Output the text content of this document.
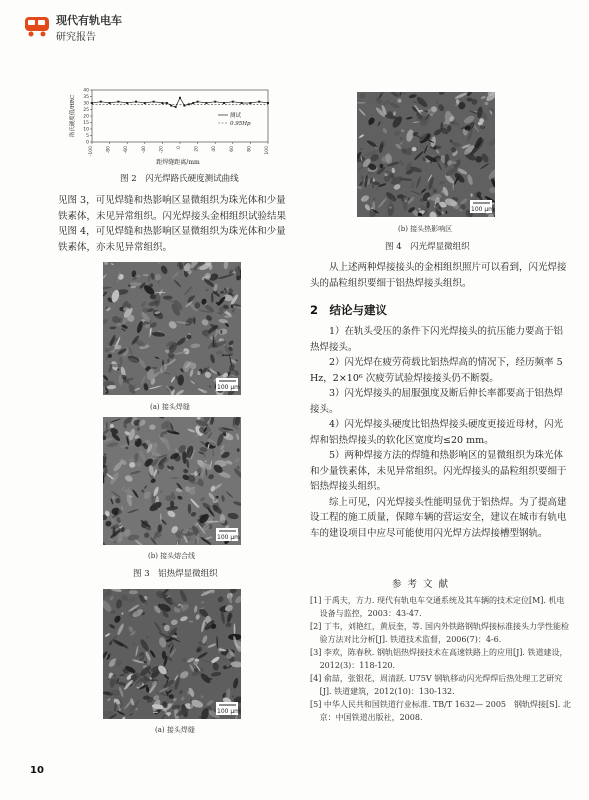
现代有轨电车
研究报告
0
5
10
15
20
25
30
35
40
-100	-80	-60	-40	-20	0	20	40	60	80	100
测试
0.95Hp
洛氏硬度值/HRC
距焊缝距离/mm
图 2　闪光焊路氏硬度测试曲线

见图 3，可见焊缝和热影响区显微组织为珠光体和少量铁素体，未见异常组织。闪光焊接头金相组织试验结果见图 4，可见焊缝和热影响区显微组织为珠光体和少量铁素体，亦未见异常组织。

100 μm
(a) 接头焊缝
100 μm
(b) 接头熔合线
图 3　铝热焊显微组织
100 μm
(a) 接头焊缝
100 μm
(b) 接头热影响区
图 4　闪光焊显微组织

从上述两种焊接接头的金相组织照片可以看到，闪光焊接头的晶粒组织要细于铝热焊接头组织。

2　结论与建议

1）在轨头受压的条件下闪光焊接头的抗压能力要高于铝热焊接头。

2）闪光焊在疲劳荷载比铝热焊高的情况下，经历频率 5 Hz，2×10⁶ 次疲劳试验焊接接头仍不断裂。

3）闪光焊接头的屈服强度及断后伸长率都要高于铝热焊接头。

4）闪光焊接头硬度比铝热焊接头硬度更接近母材，闪光焊和铝热焊接头的软化区宽度均≤20 mm。

5）两种焊接方法的焊缝和热影响区的显微组织为珠光体和少量铁素体，未见异常组织。闪光焊接头的晶粒组织要细于铝热焊接头组织。

综上可见，闪光焊接头性能明显优于铝热焊。为了提高建设工程的施工质量，保障车辆的营运安全，建议在城市有轨电车的建设项目中应尽可能使用闪光焊方法焊接槽型钢轨。

参考文献

[1] 于禹夫，方力. 现代有轨电车交通系统及其车辆的技术定位[M]. 机电设备与监控，2003：43-47.

[2] 丁韦，刘艳红，黄辰奎，等. 国内外铁路钢轨焊接标准接头力学性能检验方法对比分析[J]. 铁道技术监督，2006(7)：4-6.

[3] 李欢，陈春秋. 钢轨铝热焊接技术在高速铁路上的应用[J]. 铁道建设，2012(3)：118-120.

[4] 俞喆，张银花，周清跃. U75V 钢轨移动闪光焊焊后热处理工艺研究[J]. 铁道建筑，2012(10)：130-132.

[5] 中华人民共和国铁道行业标准. TB/T 1632— 2005　钢轨焊接[S]. 北京：中国铁道出版社，2008.

10
